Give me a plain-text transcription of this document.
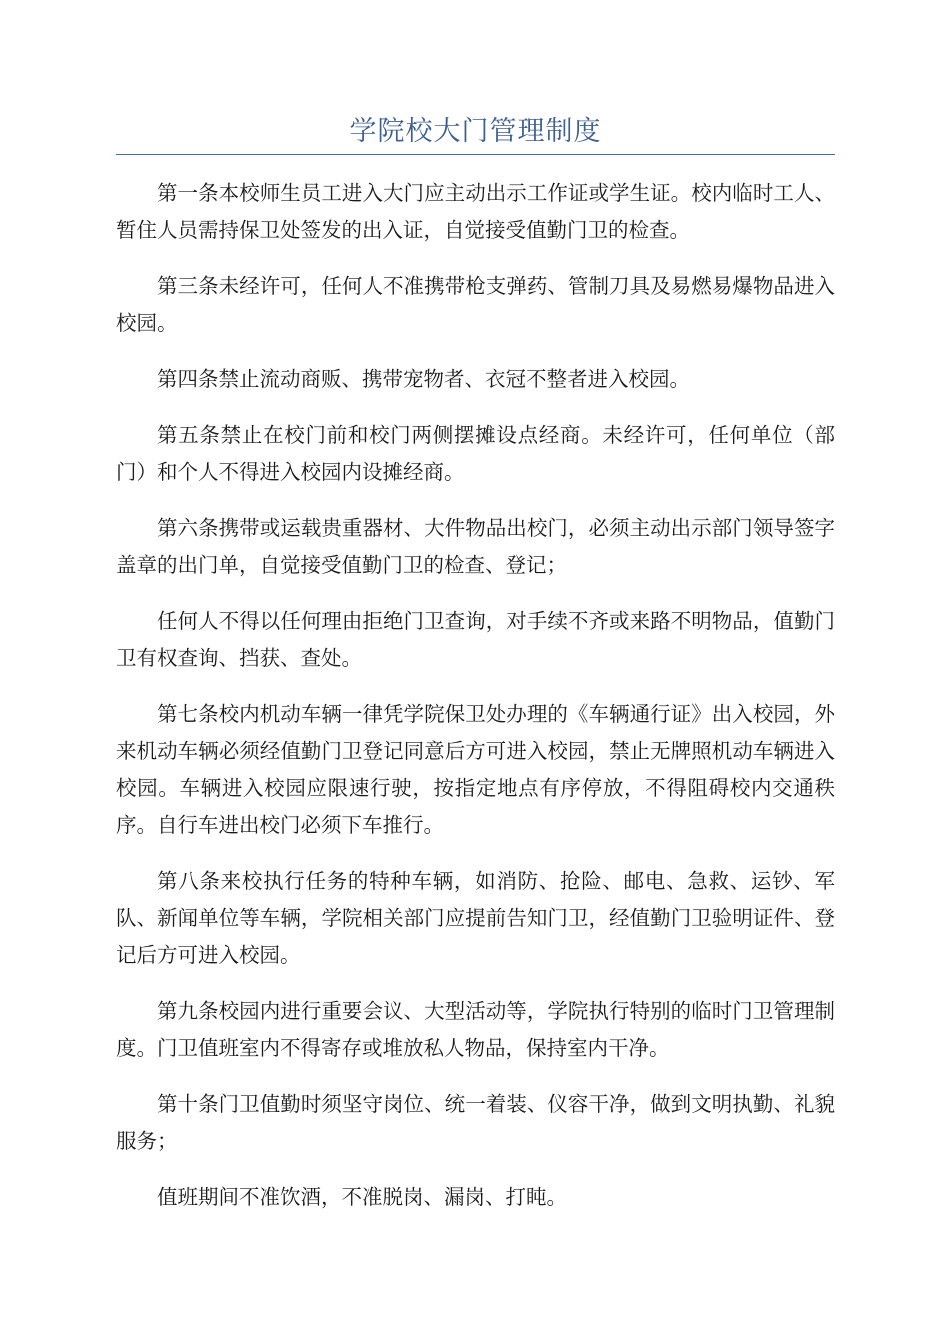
学院校大门管理制度

第一条本校师生员工进入大门应主动出示工作证或学生证。校内临时工人、暂住人员需持保卫处签发的出入证，自觉接受值勤门卫的检查。

第三条未经许可，任何人不准携带枪支弹药、管制刀具及易燃易爆物品进入校园。

第四条禁止流动商贩、携带宠物者、衣冠不整者进入校园。

第五条禁止在校门前和校门两侧摆摊设点经商。未经许可，任何单位（部门）和个人不得进入校园内设摊经商。

第六条携带或运载贵重器材、大件物品出校门，必须主动出示部门领导签字盖章的出门单，自觉接受值勤门卫的检查、登记；

任何人不得以任何理由拒绝门卫查询，对手续不齐或来路不明物品，值勤门卫有权查询、挡获、查处。

第七条校内机动车辆一律凭学院保卫处办理的《车辆通行证》出入校园，外来机动车辆必须经值勤门卫登记同意后方可进入校园，禁止无牌照机动车辆进入校园。车辆进入校园应限速行驶，按指定地点有序停放，不得阻碍校内交通秩序。自行车进出校门必须下车推行。

第八条来校执行任务的特种车辆，如消防、抢险、邮电、急救、运钞、军队、新闻单位等车辆，学院相关部门应提前告知门卫，经值勤门卫验明证件、登记后方可进入校园。

第九条校园内进行重要会议、大型活动等，学院执行特别的临时门卫管理制度。门卫值班室内不得寄存或堆放私人物品，保持室内干净。

第十条门卫值勤时须坚守岗位、统一着装、仪容干净，做到文明执勤、礼貌服务；

值班期间不准饮酒，不准脱岗、漏岗、打盹。
